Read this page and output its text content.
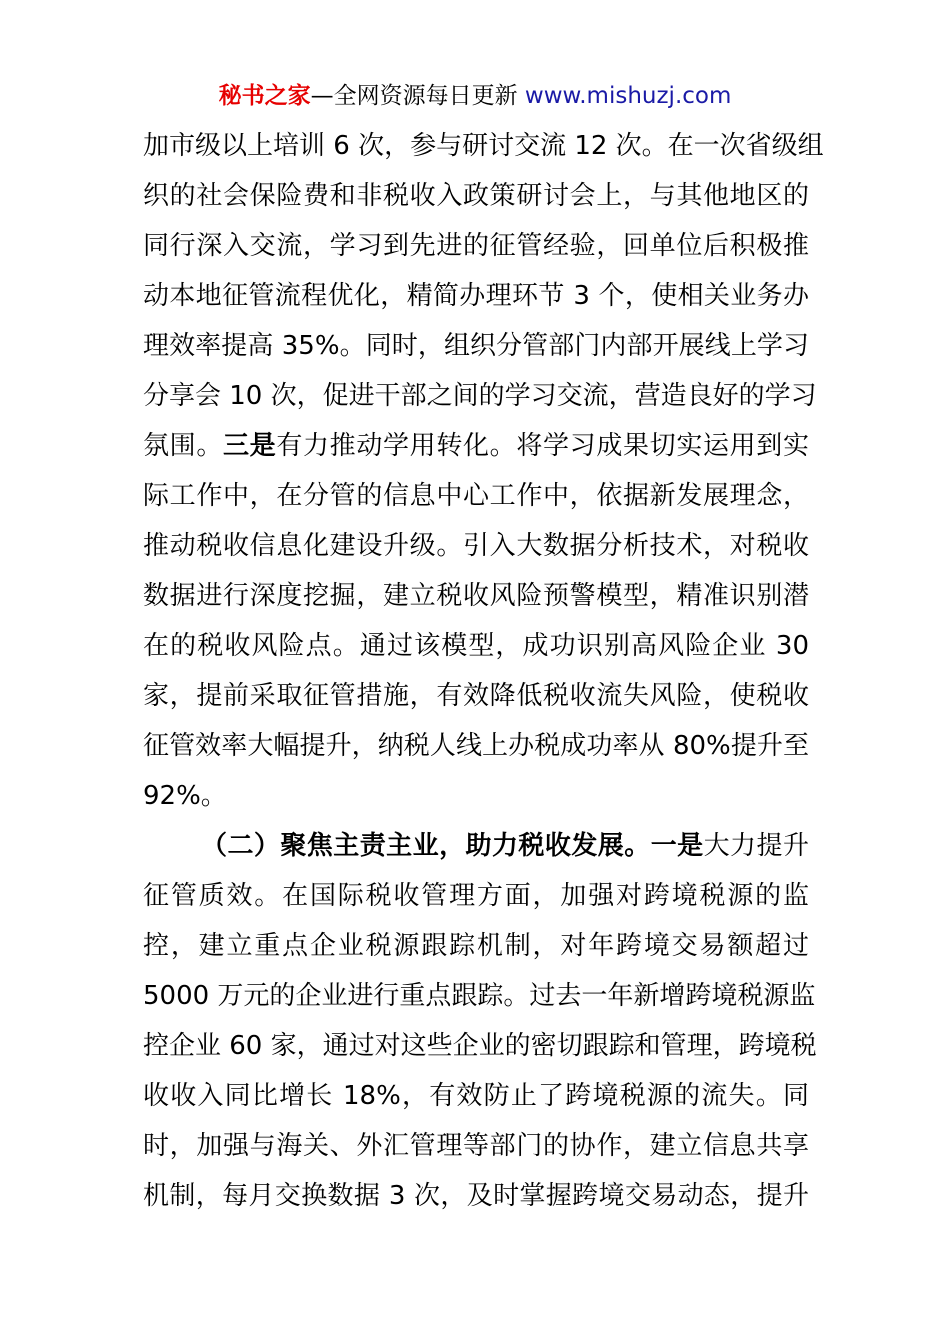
秘书之家—全网资源每日更新 www.mishuzj.com
加市级以上培训 6 次，参与研讨交流 12 次。在一次省级组
织的社会保险费和非税收入政策研讨会上，与其他地区的
同行深入交流，学习到先进的征管经验，回单位后积极推
动本地征管流程优化，精简办理环节 3 个，使相关业务办
理效率提高 35%。同时，组织分管部门内部开展线上学习
分享会 10 次，促进干部之间的学习交流，营造良好的学习
氛围。三是有力推动学用转化。将学习成果切实运用到实
际工作中，在分管的信息中心工作中，依据新发展理念，
推动税收信息化建设升级。引入大数据分析技术，对税收
数据进行深度挖掘，建立税收风险预警模型，精准识别潜
在的税收风险点。通过该模型，成功识别高风险企业 30
家，提前采取征管措施，有效降低税收流失风险，使税收
征管效率大幅提升，纳税人线上办税成功率从 80%提升至
92%。
（二）聚焦主责主业，助力税收发展。一是大力提升
征管质效。在国际税收管理方面，加强对跨境税源的监
控，建立重点企业税源跟踪机制，对年跨境交易额超过
5000 万元的企业进行重点跟踪。过去一年新增跨境税源监
控企业 60 家，通过对这些企业的密切跟踪和管理，跨境税
收收入同比增长 18%，有效防止了跨境税源的流失。同
时，加强与海关、外汇管理等部门的协作，建立信息共享
机制，每月交换数据 3 次，及时掌握跨境交易动态，提升
